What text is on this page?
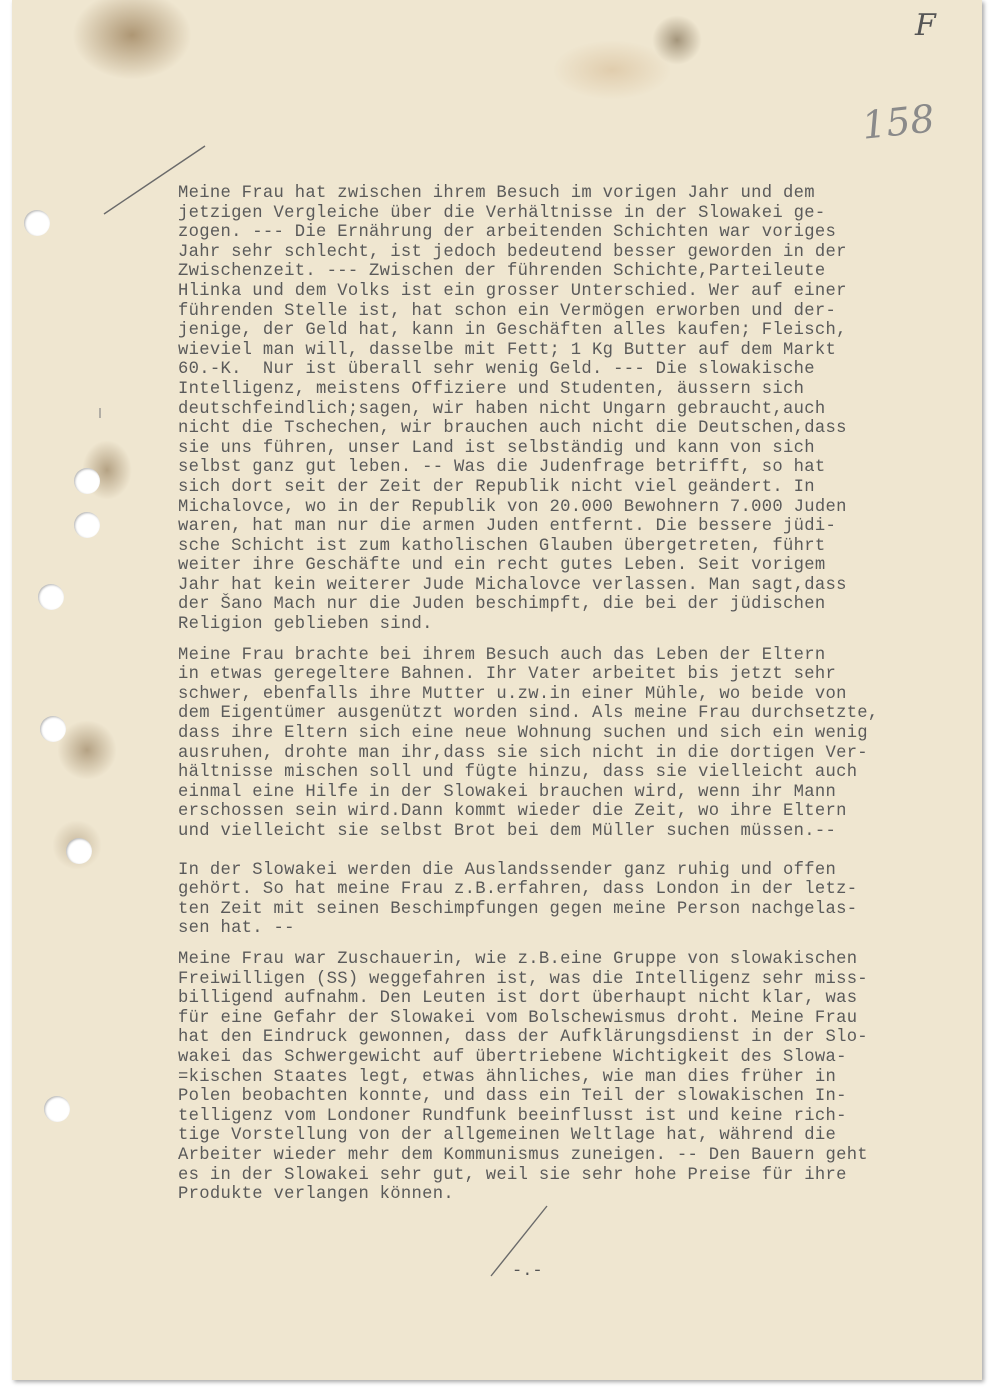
F
158
Meine Frau hat zwischen ihrem Besuch im vorigen Jahr und dem
jetzigen Vergleiche über die Verhältnisse in der Slowakei ge-
zogen. --- Die Ernährung der arbeitenden Schichten war voriges
Jahr sehr schlecht, ist jedoch bedeutend besser geworden in der
Zwischenzeit. --- Zwischen der führenden Schichte,Parteileute
Hlinka und dem Volks ist ein grosser Unterschied. Wer auf einer
führenden Stelle ist, hat schon ein Vermögen erworben und der-
jenige, der Geld hat, kann in Geschäften alles kaufen; Fleisch,
wieviel man will, dasselbe mit Fett; 1 Kg Butter auf dem Markt
60.-K.  Nur ist überall sehr wenig Geld. --- Die slowakische
Intelligenz, meistens Offiziere und Studenten, äussern sich
deutschfeindlich;sagen, wir haben nicht Ungarn gebraucht,auch
nicht die Tschechen, wir brauchen auch nicht die Deutschen,dass
sie uns führen, unser Land ist selbständig und kann von sich
selbst ganz gut leben. -- Was die Judenfrage betrifft, so hat
sich dort seit der Zeit der Republik nicht viel geändert. In
Michalovce, wo in der Republik von 20.000 Bewohnern 7.000 Juden
waren, hat man nur die armen Juden entfernt. Die bessere jüdi-
sche Schicht ist zum katholischen Glauben übergetreten, führt
weiter ihre Geschäfte und ein recht gutes Leben. Seit vorigem
Jahr hat kein weiterer Jude Michalovce verlassen. Man sagt,dass
der Šano Mach nur die Juden beschimpft, die bei der jüdischen
Religion geblieben sind.
Meine Frau brachte bei ihrem Besuch auch das Leben der Eltern
in etwas geregeltere Bahnen. Ihr Vater arbeitet bis jetzt sehr
schwer, ebenfalls ihre Mutter u.zw.in einer Mühle, wo beide von
dem Eigentümer ausgenützt worden sind. Als meine Frau durchsetzte,
dass ihre Eltern sich eine neue Wohnung suchen und sich ein wenig
ausruhen, drohte man ihr,dass sie sich nicht in die dortigen Ver-
hältnisse mischen soll und fügte hinzu, dass sie vielleicht auch
einmal eine Hilfe in der Slowakei brauchen wird, wenn ihr Mann
erschossen sein wird.Dann kommt wieder die Zeit, wo ihre Eltern
und vielleicht sie selbst Brot bei dem Müller suchen müssen.--
In der Slowakei werden die Auslandssender ganz ruhig und offen
gehört. So hat meine Frau z.B.erfahren, dass London in der letz-
ten Zeit mit seinen Beschimpfungen gegen meine Person nachgelas-
sen hat. --
Meine Frau war Zuschauerin, wie z.B.eine Gruppe von slowakischen
Freiwilligen (SS) weggefahren ist, was die Intelligenz sehr miss-
billigend aufnahm. Den Leuten ist dort überhaupt nicht klar, was
für eine Gefahr der Slowakei vom Bolschewismus droht. Meine Frau
hat den Eindruck gewonnen, dass der Aufklärungsdienst in der Slo-
wakei das Schwergewicht auf übertriebene Wichtigkeit des Slowa-
=kischen Staates legt, etwas ähnliches, wie man dies früher in
Polen beobachten konnte, und dass ein Teil der slowakischen In-
telligenz vom Londoner Rundfunk beeinflusst ist und keine rich-
tige Vorstellung von der allgemeinen Weltlage hat, während die
Arbeiter wieder mehr dem Kommunismus zuneigen. -- Den Bauern geht
es in der Slowakei sehr gut, weil sie sehr hohe Preise für ihre
Produkte verlangen können.
-.-
